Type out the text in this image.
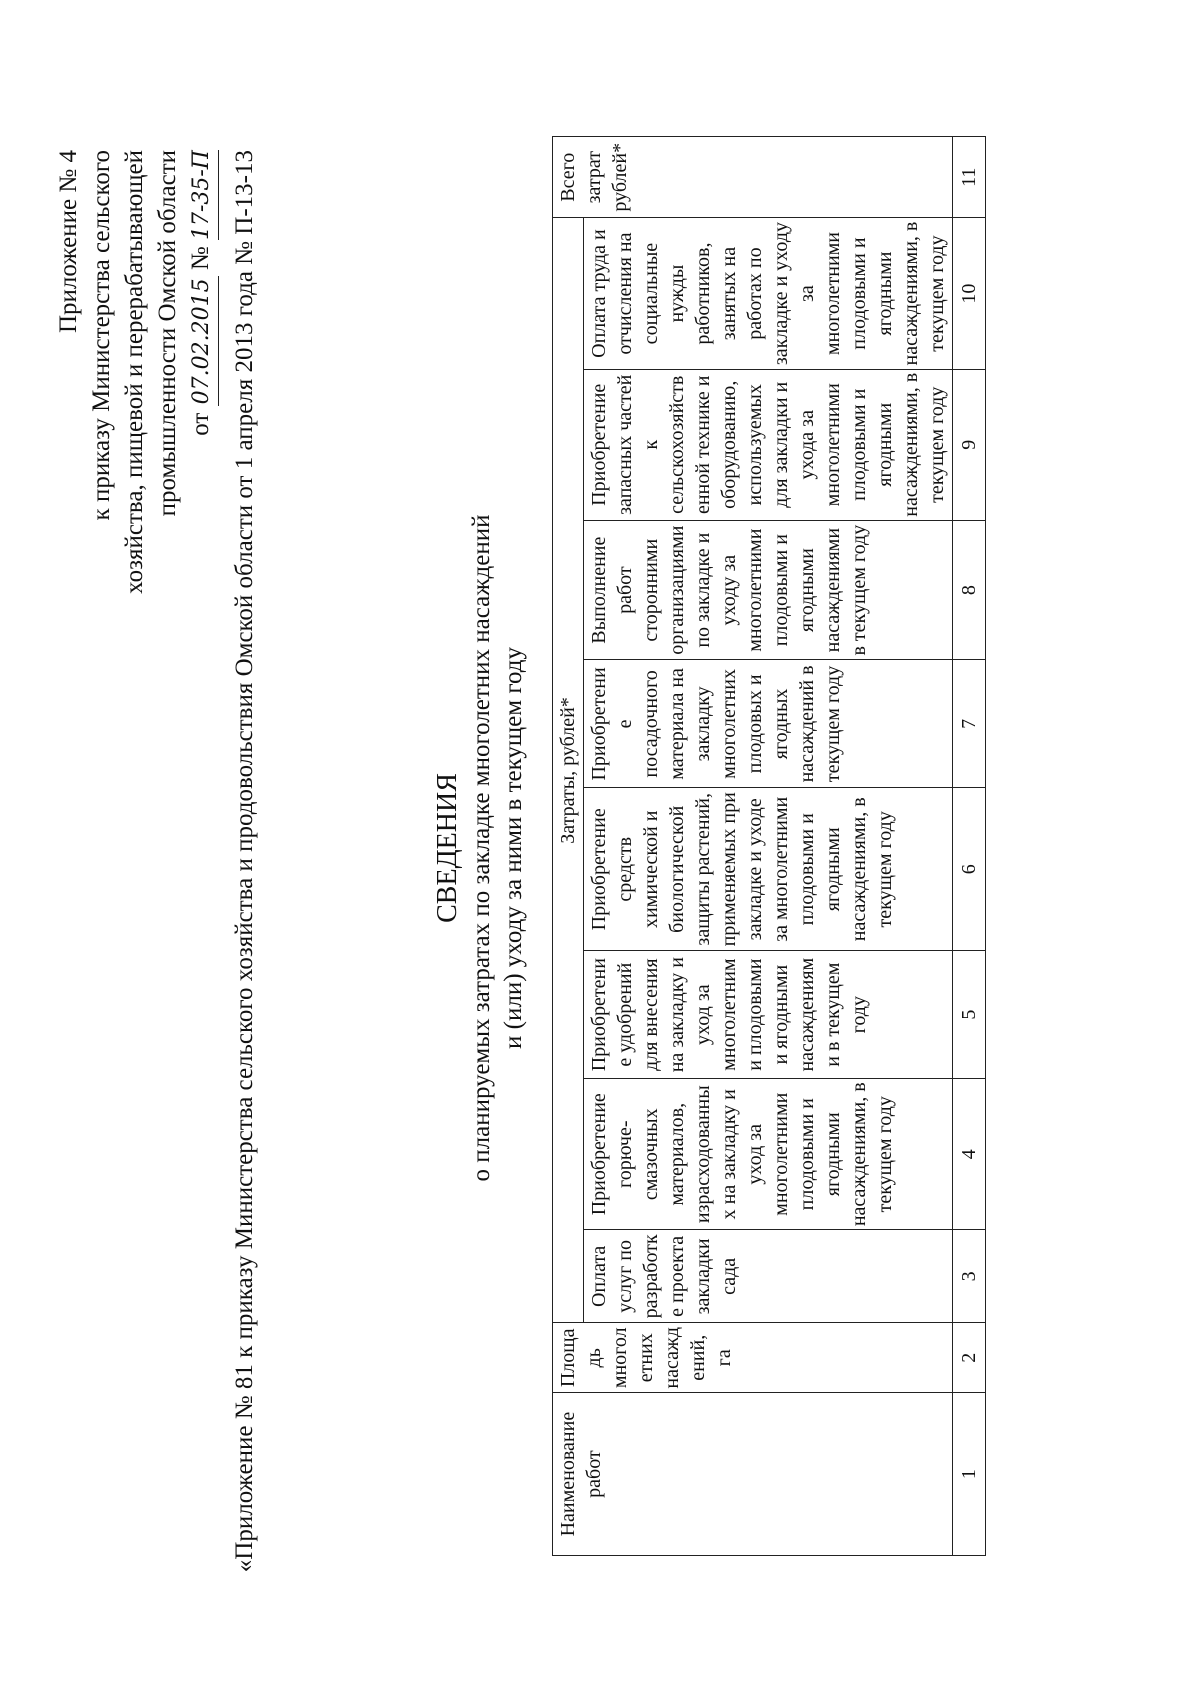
Приложение № 4 к приказу Министерства сельского хозяйства, пищевой и перерабатывающей промышленности Омской области от 07.02.2015 № 17-35-П
«Приложение № 81 к приказу Министерства сельского хозяйства и продовольствия Омской области от 1 апреля 2013 года № П-13-13
СВЕДЕНИЯ о планируемых затратах по закладке многолетних насаждений и (или) уходу за ними в текущем году
Наименование работ	Площадь многолетних насаждений, га	Затраты, рублей*								Всего затрат рублей*
		Оплата услуг по разработке проекта закладки сада	Приобретение горюче-смазочных материалов, израсходованных на закладку и уход за многолетними плодовыми и ягодными насаждениями, в текущем году	Приобретение удобрений для внесения на закладку и уход за многолетними плодовыми и ягодными насаждениями в текущем году	Приобретение средств химической и биологической защиты растений, применяемых при закладке и уходе за многолетними плодовыми и ягодными насаждениями, в текущем году	Приобретение посадочного материала на закладку многолетних плодовых и ягодных насаждений в текущем году	Выполнение работ сторонними организациями по закладке и уходу за многолетними плодовыми и ягодными насаждениями в текущем году	Приобретение запасных частей к сельскохозяйственной технике и оборудованию, используемых для закладки и ухода за многолетними плодовыми и ягодными насаждениями, в текущем году	Оплата труда и отчисления на социальные нужды работников, занятых на работах по закладке и уходу за многолетними плодовыми и ягодными насаждениями, в текущем году	
1	2	3	4	5	6	7	8	9	10	11
